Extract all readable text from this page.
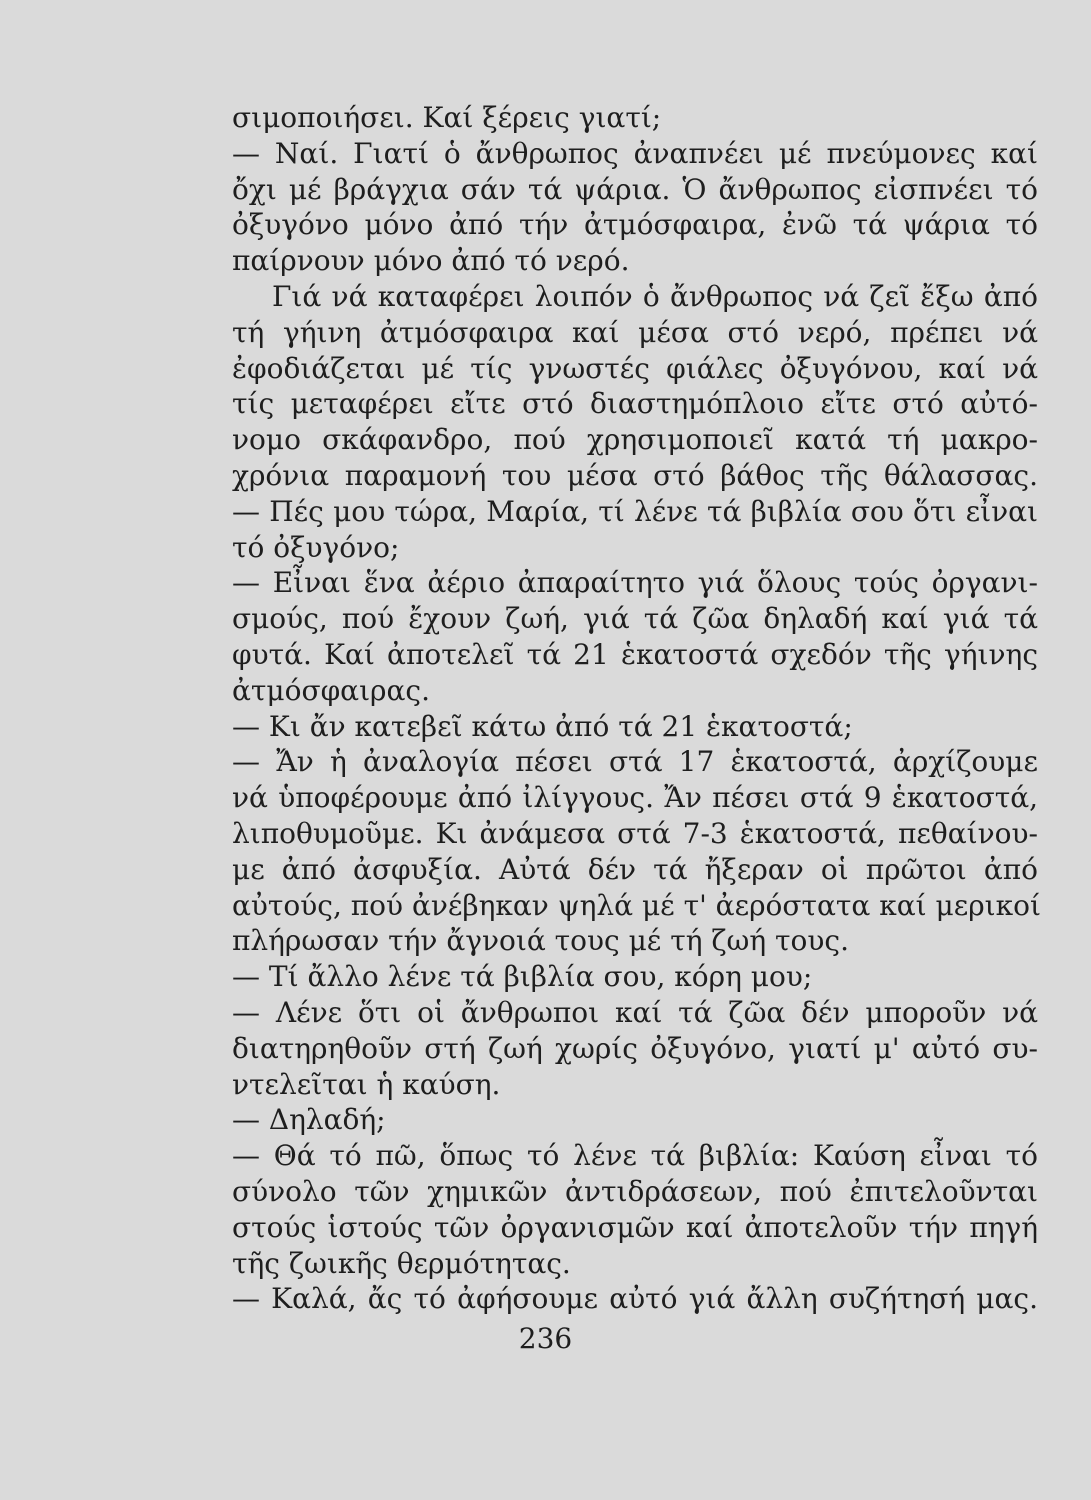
σιμοποιήσει. Καί ξέρεις γιατί;
— Ναί. Γιατί ὁ ἄνθρωπος ἀναπνέει μέ πνεύμονες καί
ὄχι μέ βράγχια σάν τά ψάρια. Ὁ ἄνθρωπος εἰσπνέει τό
ὀξυγόνο μόνο ἀπό τήν ἀτμόσφαιρα, ἐνῶ τά ψάρια τό
παίρνουν μόνο ἀπό τό νερό.
Γιά νά καταφέρει λοιπόν ὁ ἄνθρωπος νά ζεῖ ἔξω ἀπό
τή γήινη ἀτμόσφαιρα καί μέσα στό νερό, πρέπει νά
ἐφοδιάζεται μέ τίς γνωστές φιάλες ὀξυγόνου, καί νά
τίς μεταφέρει εἴτε στό διαστημόπλοιο εἴτε στό αὐτό-
νομο σκάφανδρο, πού χρησιμοποιεῖ κατά τή μακρο-
χρόνια παραμονή του μέσα στό βάθος τῆς θάλασσας.
— Πές μου τώρα, Μαρία, τί λένε τά βιβλία σου ὅτι εἶναι
τό ὀξυγόνο;
— Εἶναι ἕνα ἀέριο ἀπαραίτητο γιά ὅλους τούς ὀργανι-
σμούς, πού ἔχουν ζωή, γιά τά ζῶα δηλαδή καί γιά τά
φυτά. Καί ἀποτελεῖ τά 21 ἑκατοστά σχεδόν τῆς γήινης
ἀτμόσφαιρας.
— Κι ἄν κατεβεῖ κάτω ἀπό τά 21 ἑκατοστά;
— Ἄν ἡ ἀναλογία πέσει στά 17 ἑκατοστά, ἀρχίζουμε
νά ὑποφέρουμε ἀπό ἰλίγγους. Ἄν πέσει στά 9 ἑκατοστά,
λιποθυμοῦμε. Κι ἀνάμεσα στά 7-3 ἑκατοστά, πεθαίνου-
με ἀπό ἀσφυξία. Αὐτά δέν τά ἤξεραν οἱ πρῶτοι ἀπό
αὐτούς, πού ἀνέβηκαν ψηλά μέ τ' ἀερόστατα καί μερικοί
πλήρωσαν τήν ἄγνοιά τους μέ τή ζωή τους.
— Τί ἄλλο λένε τά βιβλία σου, κόρη μου;
— Λένε ὅτι οἱ ἄνθρωποι καί τά ζῶα δέν μποροῦν νά
διατηρηθοῦν στή ζωή χωρίς ὀξυγόνο, γιατί μ' αὐτό συ-
ντελεῖται ἡ καύση.
— Δηλαδή;
— Θά τό πῶ, ὅπως τό λένε τά βιβλία: Καύση εἶναι τό
σύνολο τῶν χημικῶν ἀντιδράσεων, πού ἐπιτελοῦνται
στούς ἱστούς τῶν ὀργανισμῶν καί ἀποτελοῦν τήν πηγή
τῆς ζωικῆς θερμότητας.
— Καλά, ἄς τό ἀφήσουμε αὐτό γιά ἄλλη συζήτησή μας.
236
